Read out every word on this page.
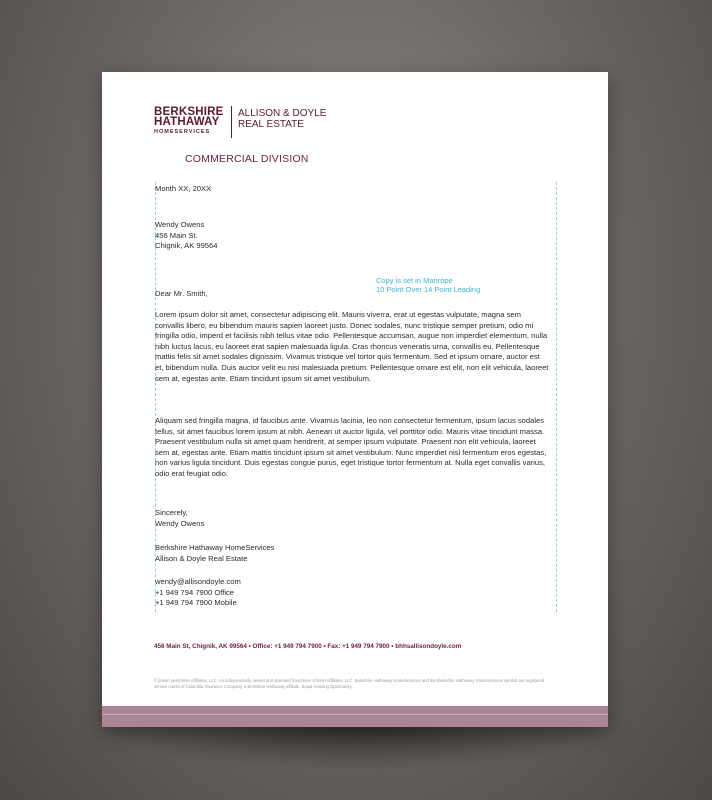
BERKSHIRE
HATHAWAY
HOMESERVICES
ALLISON & DOYLE
REAL ESTATE
COMMERCIAL DIVISION
Month XX, 20XX
Wendy Owens
456 Main St.
Chignik, AK 99564
Copy is set in Manrope
10 Point Over 14 Point Leading
Dear Mr. Smith,
Lorem ipsum dolor sit amet, consectetur adipiscing elit. Mauris viverra, erat ut egestas vulputate, magna sem convallis libero, eu bibendum mauris sapien laoreet justo. Donec sodales, nunc tristique semper pretium, odio mi fringilla odio, imperd et facilisis nibh tellus vitae odio. Pellentesque accumsan, augue non imperdiet elementum, nulla nibh luctus lacus, eu laoreet erat sapien malesuada ligula. Cras rhoncus veneratis urna, convallis eu. Pellentesque mattis felis sit amet sodales dignissim. Vivamus tristique vel tortor quis fermentum. Sed et ipsum ornare, auctor est et, bibendum nulla. Duis auctor velit eu nisi malesuada pretium. Pellentesque ornare est elit, non elit vehicula, laoreet sem at, egestas ante. Etiam tincidunt ipsum sit amet vestibulum.
Aliquam sed fringilla magna, id faucibus ante. Vivamus lacinia, leo non consectetur fermentum, ipsum lacus sodales tellus, sit amet faucibus lorem ipsum at nibh. Aenean ut auctor ligula, vel porttitor odio. Mauris vitae tincidunt massa. Praesent vestibulum nulla sit amet quam hendrerit, at semper ipsum vulputate. Praesent non elit vehicula, laoreet sem at, egestas ante. Etiam mattis tincidunt ipsum sit amet vestibulum. Nunc imperdiet nisl fermentum eros egestas, non varius ligula tincidunt. Duis egestas congue purus, eget tristique tortor fermentum at. Nulla eget convallis varius, odio erat feugiat odio.
Sincerely,
Wendy Owens
Berkshire Hathaway HomeServices
Allison & Doyle Real Estate
wendy@allisondoyle.com
+1 949 794 7900 Office
+1 949 794 7900 Mobile
456 Main St, Chignik, AK 99564 • Office: +1 949 794 7900 • Fax: +1 949 794 7900 • bhhsallisondoyle.com
© [insert year] BHH Affiliates, LLC. An independently owned and operated franchisee of BHH Affiliates, LLC. Berkshire Hathaway HomeServices and the Berkshire Hathaway HomeServices symbol are registered service marks of Columbia Insurance Company, a Berkshire Hathaway affiliate. Equal Housing Opportunity.
